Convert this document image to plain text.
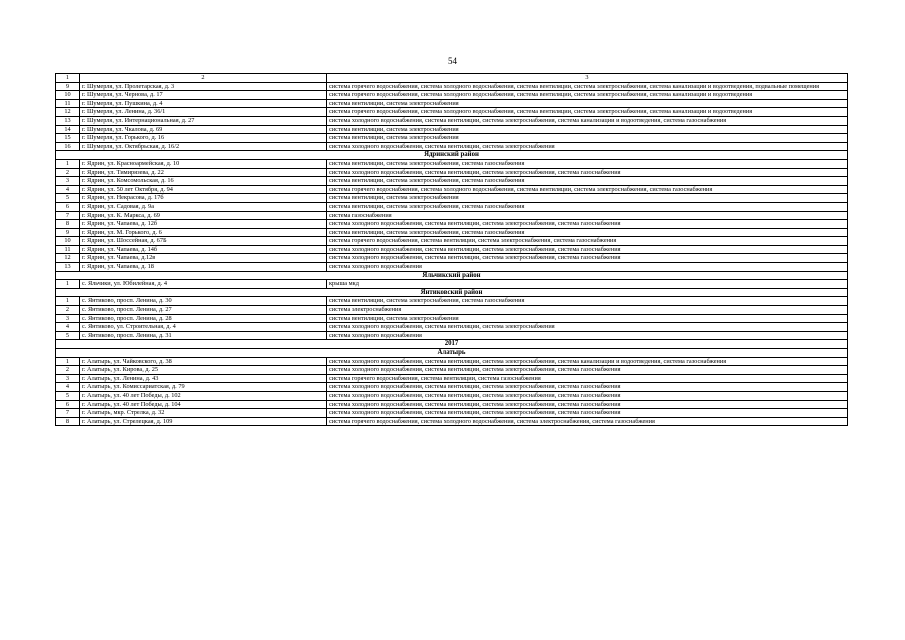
54
1	2	3
9	г. Шумерля, ул. Пролетарская, д. 3	система горячего водоснабжения, система холодного водоснабжения, система вентиляции, система электроснабжения, система канализации и водоотведения, подвальные помещения
10	г. Шумерля, ул. Чернова, д. 17	система горячего водоснабжения, система холодного водоснабжения, система вентиляции, система электроснабжения, система канализации и водоотведения
11	г. Шумерля, ул. Пушкина, д. 4	система вентиляции, система электроснабжения
12	г. Шумерля, ул. Ленина, д. 36/1	система горячего водоснабжения, система холодного водоснабжения, система вентиляции, система электроснабжения, система канализации и водоотведения
13	г. Шумерля, ул. Интернациональная, д. 27	система холодного водоснабжения, система вентиляции, система электроснабжения, система канализации и водоотведения, система газоснабжения
14	г. Шумерля, ул. Чкалова, д. 69	система вентиляции, система электроснабжения
15	г. Шумерля, ул. Горького, д. 16	система вентиляции, система электроснабжения
16	г. Шумерля, ул. Октябрьская, д. 16/2	система холодного водоснабжения, система вентиляции, система электроснабжения
Ядринский район		
1	г. Ядрин, ул. Красноармейская, д. 10	система вентиляции, система электроснабжения, система газоснабжения
2	г. Ядрин, ул. Тимирязева, д. 22	система холодного водоснабжения, система вентиляции, система электроснабжения, система газоснабжения
3	г. Ядрин, ул. Комсомольская, д. 16	система вентиляции, система электроснабжения, система газоснабжения
4	г. Ядрин, ул. 50 лет Октября, д. 94	система горячего водоснабжения, система холодного водоснабжения, система вентиляции, система электроснабжения, система газоснабжения
5	г. Ядрин, ул. Некрасова, д. 17б	система вентиляции, система электроснабжения
6	г. Ядрин, ул. Садовая, д. 9а	система вентиляции, система электроснабжения, система газоснабжения
7	г. Ядрин, ул. К. Маркса, д. 69	система газоснабжения
8	г. Ядрин, ул. Чапаева, д. 12б	система холодного водоснабжения, система вентиляции, система электроснабжения, система газоснабжения
9	г. Ядрин, ул. М. Горького, д. 6	система вентиляции, система электроснабжения, система газоснабжения
10	г. Ядрин, ул. Шоссейная, д. 67Б	система горячего водоснабжения, система вентиляции, система электроснабжения, система газоснабжения
11	г. Ядрин, ул. Чапаева, д. 14б	система холодного водоснабжения, система вентиляции, система электроснабжения, система газоснабжения
12	г. Ядрин, ул. Чапаева, д.12в	система холодного водоснабжения, система вентиляции, система электроснабжения, система газоснабжения
13	г. Ядрин, ул. Чапаева, д. 18	система холодного водоснабжения
Яльчикский район		
1	с. Яльчики, ул. Юбилейная, д. 4	крыша мкд
Янтиковский район		
1	с. Янтиково, просп. Ленина, д. 30	система вентиляции, система электроснабжения, система газоснабжения
2	с. Янтиково, просп. Ленина, д. 27	система электроснабжения
3	с. Янтиково, просп. Ленина, д. 28	система вентиляции, система электроснабжения
4	с. Янтиково, ул. Строительная, д. 4	система холодного водоснабжения, система вентиляции, система электроснабжения
5	с. Янтиково, просп. Ленина, д. 31	система холодного водоснабжения
2017		
Алатырь		
1	г. Алатырь, ул. Чайковского, д. 38	система холодного водоснабжения, система вентиляции, система электроснабжения, система канализации и водоотведения, система газоснабжения
2	г. Алатырь, ул. Кирова, д. 25	система холодного водоснабжения, система вентиляции, система электроснабжения, система газоснабжения
3	г. Алатырь, ул. Ленина, д. 43	система горячего водоснабжения, система вентиляции, система газоснабжения
4	г. Алатырь, ул. Комиссариатская, д. 79	система холодного водоснабжения, система вентиляции, система электроснабжения, система газоснабжения
5	г. Алатырь, ул. 40 лет Победы, д. 102	система холодного водоснабжения, система вентиляции, система электроснабжения, система газоснабжения
6	г. Алатырь, ул. 40 лет Победы, д. 104	система холодного водоснабжения, система вентиляции, система электроснабжения, система газоснабжения
7	г. Алатырь, мкр. Стрелка, д. 32	система холодного водоснабжения, система вентиляции, система электроснабжения, система газоснабжения
8	г. Алатырь, ул. Стрелецкая, д. 109	система горячего водоснабжения, система холодного водоснабжения, система электроснабжения, система газоснабжения
